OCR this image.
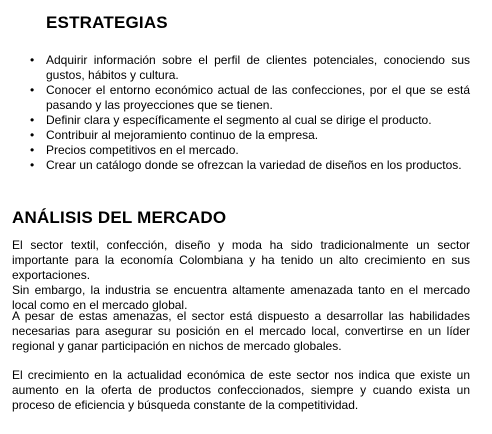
ESTRATEGIAS
• Adquirir información sobre el perfil de clientes potenciales, conociendo sus gustos, hábitos y cultura.
• Conocer el entorno económico actual de las confecciones, por el que se está pasando y las proyecciones que se tienen.
• Definir clara y específicamente el segmento al cual se dirige el producto.
• Contribuir al mejoramiento continuo de la empresa.
• Precios competitivos en el mercado.
• Crear un catálogo donde se ofrezcan la variedad de diseños en los productos.
ANÁLISIS DEL MERCADO

El sector textil, confección, diseño y moda ha sido tradicionalmente un sector importante para la economía Colombiana y ha tenido un alto crecimiento en sus exportaciones.
Sin embargo, la industria se encuentra altamente amenazada tanto en el mercado local como en el mercado global.

A pesar de estas amenazas, el sector está dispuesto a desarrollar las habilidades necesarias para asegurar su posición en el mercado local, convertirse en un líder regional y ganar participación en nichos de mercado globales.

El crecimiento en la actualidad económica de este sector nos indica que existe un aumento en la oferta de productos confeccionados, siempre y cuando exista un proceso de eficiencia y búsqueda constante de la competitividad.
